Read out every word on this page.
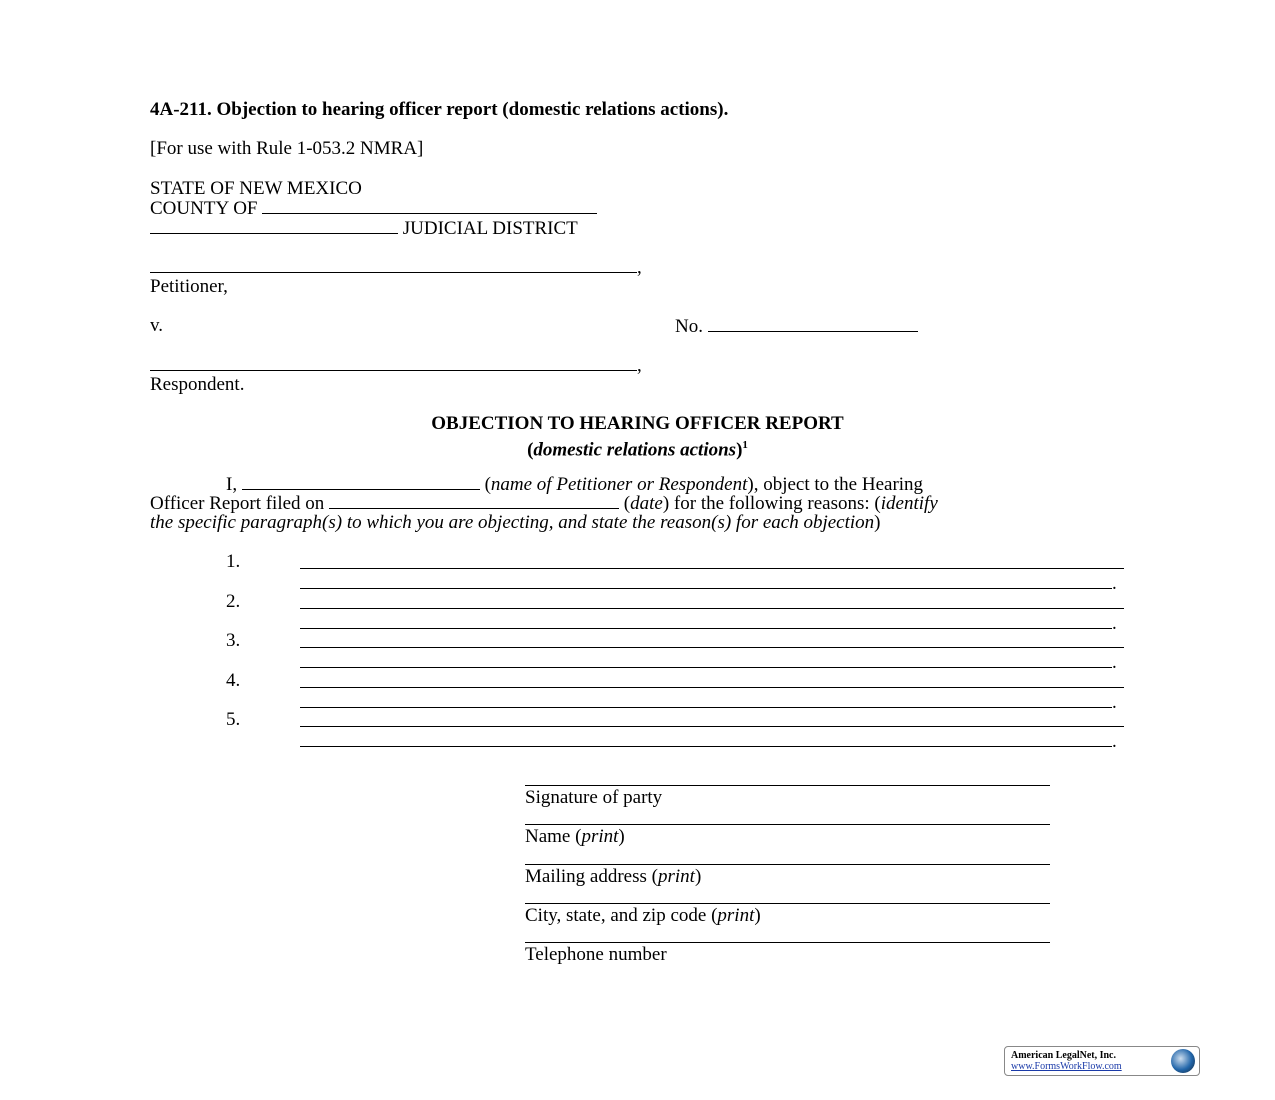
4A-211. Objection to hearing officer report (domestic relations actions).
[For use with Rule 1-053.2 NMRA]
STATE OF NEW MEXICO
COUNTY OF
JUDICIAL DISTRICT
,
Petitioner,
v.	No.
,
Respondent.
OBJECTION TO HEARING OFFICER REPORT
(domestic relations actions)$^1$
I,	(name of Petitioner or Respondent), object to the Hearing
Officer Report filed on	(date) for the following reasons: (identify
the specific paragraph(s) to which you are objecting, and state the reason(s) for each objection)
1.
.
2.
.
3.
.
4.
.
5.
.
Signature of party
Name (print)
Mailing address (print)
City, state, and zip code (print)
Telephone number
American LegalNet, Inc.
www.FormsWorkFlow.com
